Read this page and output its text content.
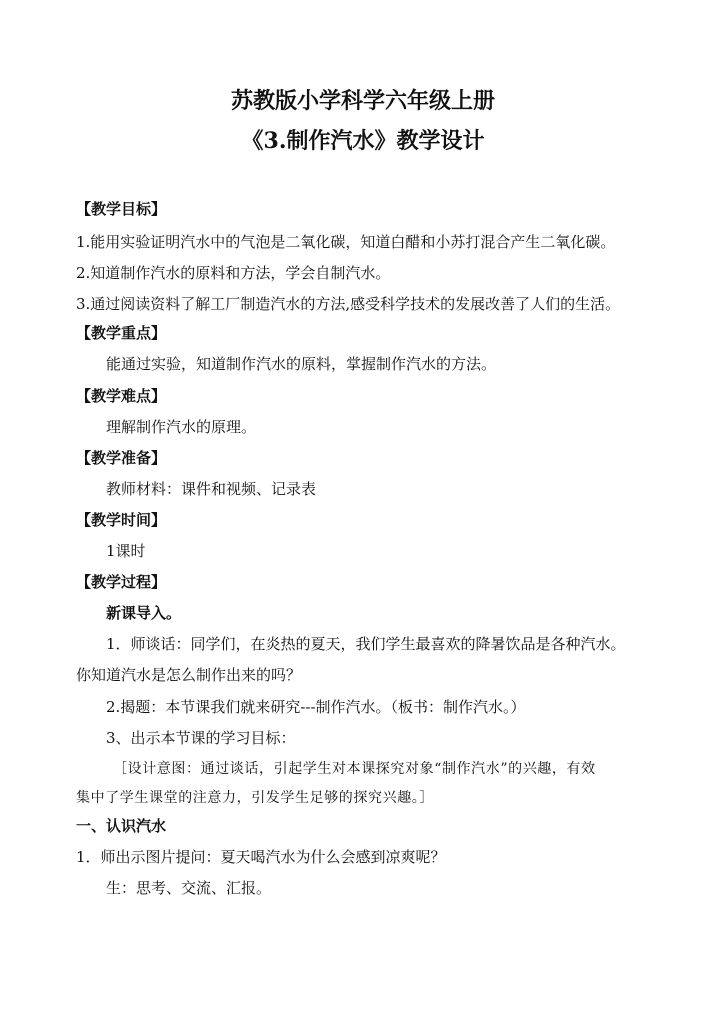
苏教版小学科学六年级上册
《3.制作汽水》教学设计
【教学目标】
1.能用实验证明汽水中的气泡是二氧化碳，知道白醋和小苏打混合产生二氧化碳。
2.知道制作汽水的原料和方法，学会自制汽水。
3.通过阅读资料了解工厂制造汽水的方法,感受科学技术的发展改善了人们的生活。
【教学重点】
能通过实验，知道制作汽水的原料，掌握制作汽水的方法。
【教学难点】
理解制作汽水的原理。
【教学准备】
教师材料：课件和视频、记录表
【教学时间】
1课时
【教学过程】
新课导入。
1．师谈话：同学们，在炎热的夏天，我们学生最喜欢的降暑饮品是各种汽水。
你知道汽水是怎么制作出来的吗？
2.揭题：本节课我们就来研究---制作汽水。（板书：制作汽水。）
3、出示本节课的学习目标：
［设计意图：通过谈话，引起学生对本课探究对象“制作汽水”的兴趣，有效
集中了学生课堂的注意力，引发学生足够的探究兴趣。］
一、认识汽水
1．师出示图片提问：夏天喝汽水为什么会感到凉爽呢？
生：思考、交流、汇报。
